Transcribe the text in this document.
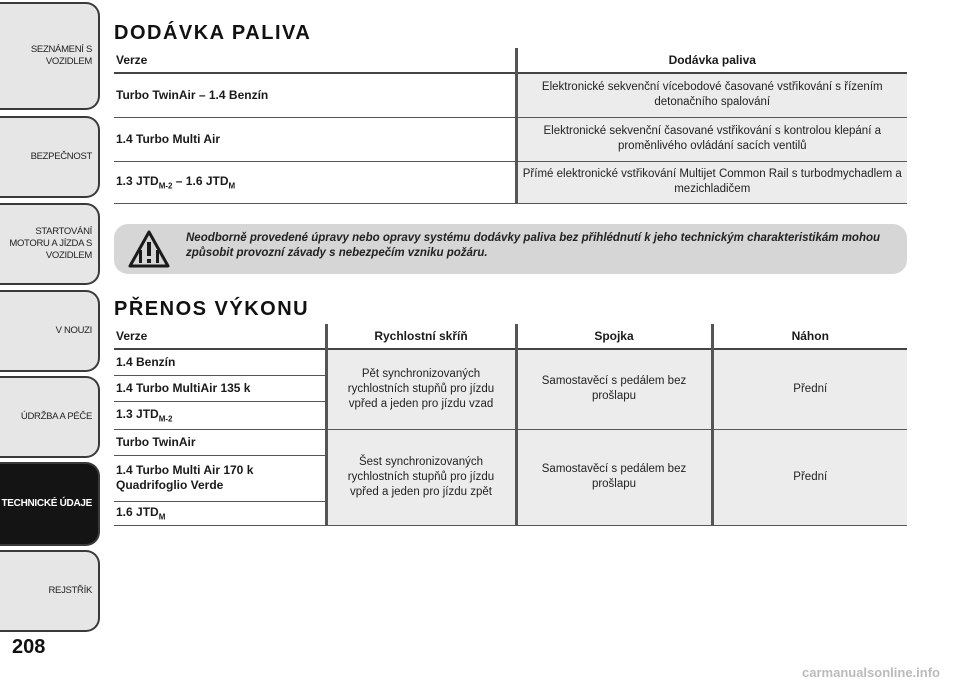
SEZNÁMENÍ S
VOZIDLEM
BEZPEČNOST
STARTOVÁNÍ
MOTORU A JÍZDA S
VOZIDLEM
V NOUZI
ÚDRŽBA A PÉČE
TECHNICKÉ ÚDAJE
REJSTŘÍK
208
DODÁVKA PALIVA
Verze	Dodávka paliva
Turbo TwinAir – 1.4 Benzín	Elektronické sekvenční vícebodové časované vstřikování s řízením detonačního spalování
1.4 Turbo Multi Air	Elektronické sekvenční časované vstřikování s kontrolou klepání a proměnlivého ovládání sacích ventilů
1.3 $JTD_{M-2} - 1.6$ $JTD_M$	Přímé elektronické vstřikování Multijet Common Rail s turbodmychadlem a mezichladičem
Neodborně provedené úpravy nebo opravy systému dodávky paliva bez přihlédnutí k jeho technickým charakteristikám mohou způsobit provozní závady s nebezpečím vzniku požáru.
PŘENOS VÝKONU
Verze	Rychlostní skříň	Spojka	Náhon
1.4 Benzín	Pět synchronizovaných rychlostních stupňů pro jízdu vpřed a jeden pro jízdu vzad	Samostavěcí s pedálem bez prošlapu	Přední
1.4 Turbo MultiAir 135 k			
1.3 $JTD_{M-2}$
Turbo TwinAir	Šest synchronizovaných rychlostních stupňů pro jízdu vpřed a jeden pro jízdu zpět	Samostavěcí s pedálem bez prošlapu	Přední
1.4 Turbo Multi Air 170 k Quadrifoglio Verde			
1.6 $JTD_M$
carmanualsonline.info
